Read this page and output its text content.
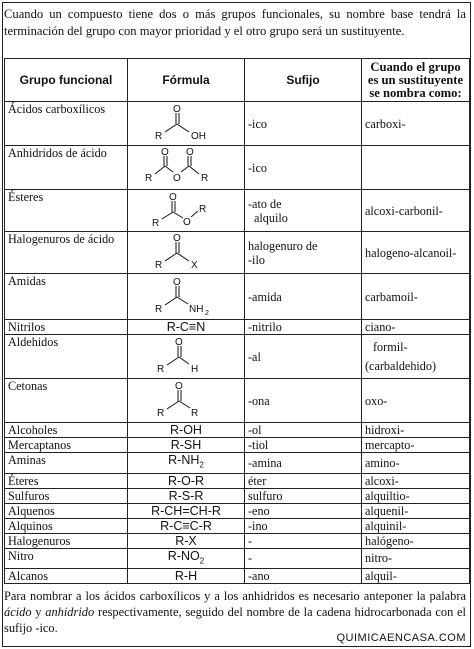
Cuando un compuesto tiene dos o más grupos funcionales, su nombre base tendrá la terminación del grupo con mayor prioridad y el otro grupo será un sustituyente.

Grupo funcional	Fórmula	Sufijo	Cuando el grupo es un sustituyente se nombra como:
Ácidos carboxílicos	R
O
OH	-ico	carboxi-
Anhidridos de ácido	R
O
O
O
R	-ico	
Ésteres	R
O
O
R	-ato de
alquilo	alcoxi-carbonil-
Halogenuros de ácido	R
O
X	halogenuro de
-ilo	halogeno-alcanoil-
Amidas	R
O
NH 2	-amida	carbamoil-
Nitrilos	R-C≡N	-nitrilo	ciano-
Aldehidos	R
O
H	-al	formil-
(carbaldehido)

Cetonas	R
O
R	-ona	oxo-
Alcoholes	R-OH	-ol	hidroxi-
Mercaptanos	R-SH	-tiol	mercapto-
Aminas	$R-NH_2$	-amina	amino-
Éteres	R-O-R	éter	alcoxi-
Sulfuros	R-S-R	sulfuro	alquiltio-
Alquenos	R-CH=CH-R	-eno	alquenil-
Alquinos	R-C≡C-R	-ino	alquinil-
Halogenuros	R-X	-	halógeno-
Nitro	$R-NO_2$	-	nitro-
Alcanos	R-H	-ano	alquil-

Para nombrar a los ácidos carboxílicos y a los anhidridos es necesario anteponer la palabra ácido y anhidrido respectivamente, seguido del nombre de la cadena hidrocarbonada con el sufijo -ico.

QUIMICAENCASA.COM
